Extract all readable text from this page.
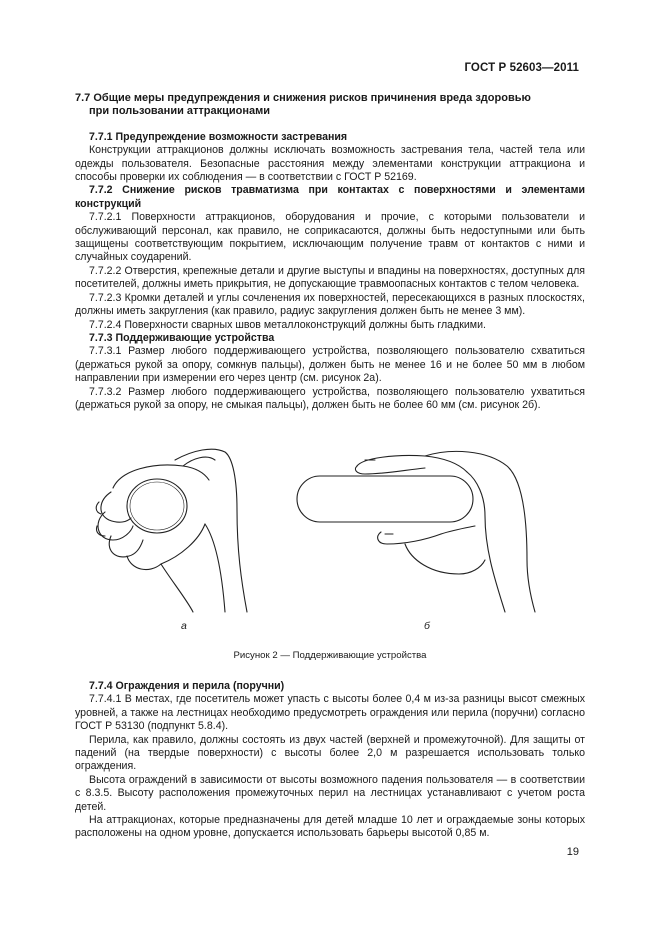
ГОСТ Р 52603—2011

7.7 Общие меры предупреждения и снижения рисков причинения вреда здоровью
при пользовании аттракционами

7.7.1 Предупреждение возможности застревания

Конструкции аттракционов должны исключать возможность застревания тела, частей тела или одежды пользователя. Безопасные расстояния между элементами конструкции аттракциона и способы проверки их соблюдения — в соответствии с ГОСТ Р 52169.

7.7.2 Снижение рисков травматизма при контактах с поверхностями и элементами конструкций

7.7.2.1 Поверхности аттракционов, оборудования и прочие, с которыми пользователи и обслуживающий персонал, как правило, не соприкасаются, должны быть недоступными или быть защищены соответствующим покрытием, исключающим получение травм от контактов с ними и случайных соударений.

7.7.2.2 Отверстия, крепежные детали и другие выступы и впадины на поверхностях, доступных для посетителей, должны иметь прикрытия, не допускающие травмоопасных контактов с телом человека.

7.7.2.3 Кромки деталей и углы сочленения их поверхностей, пересекающихся в разных плоскостях, должны иметь закругления (как правило, радиус закругления должен быть не менее 3 мм).

7.7.2.4 Поверхности сварных швов металлоконструкций должны быть гладкими.

7.7.3 Поддерживающие устройства

7.7.3.1 Размер любого поддерживающего устройства, позволяющего пользователю схватиться (держаться рукой за опору, сомкнув пальцы), должен быть не менее 16 и не более 50 мм в любом направлении при измерении его через центр (см. рисунок 2а).

7.7.3.2 Размер любого поддерживающего устройства, позволяющего пользователю ухватиться (держаться рукой за опору, не смыкая пальцы), должен быть не более 60 мм (см. рисунок 2б).

а	б
Рисунок 2 — Поддерживающие устройства

7.7.4 Ограждения и перила (поручни)

7.7.4.1 В местах, где посетитель может упасть с высоты более 0,4 м из-за разницы высот смежных уровней, а также на лестницах необходимо предусмотреть ограждения или перила (поручни) согласно ГОСТ Р 53130 (подпункт 5.8.4).

Перила, как правило, должны состоять из двух частей (верхней и промежуточной). Для защиты от падений (на твердые поверхности) с высоты более 2,0 м разрешается использовать только ограждения.

Высота ограждений в зависимости от высоты возможного падения пользователя — в соответствии с 8.3.5. Высоту расположения промежуточных перил на лестницах устанавливают с учетом роста детей.

На аттракционах, которые предназначены для детей младше 10 лет и ограждаемые зоны которых расположены на одном уровне, допускается использовать барьеры высотой 0,85 м.

19
